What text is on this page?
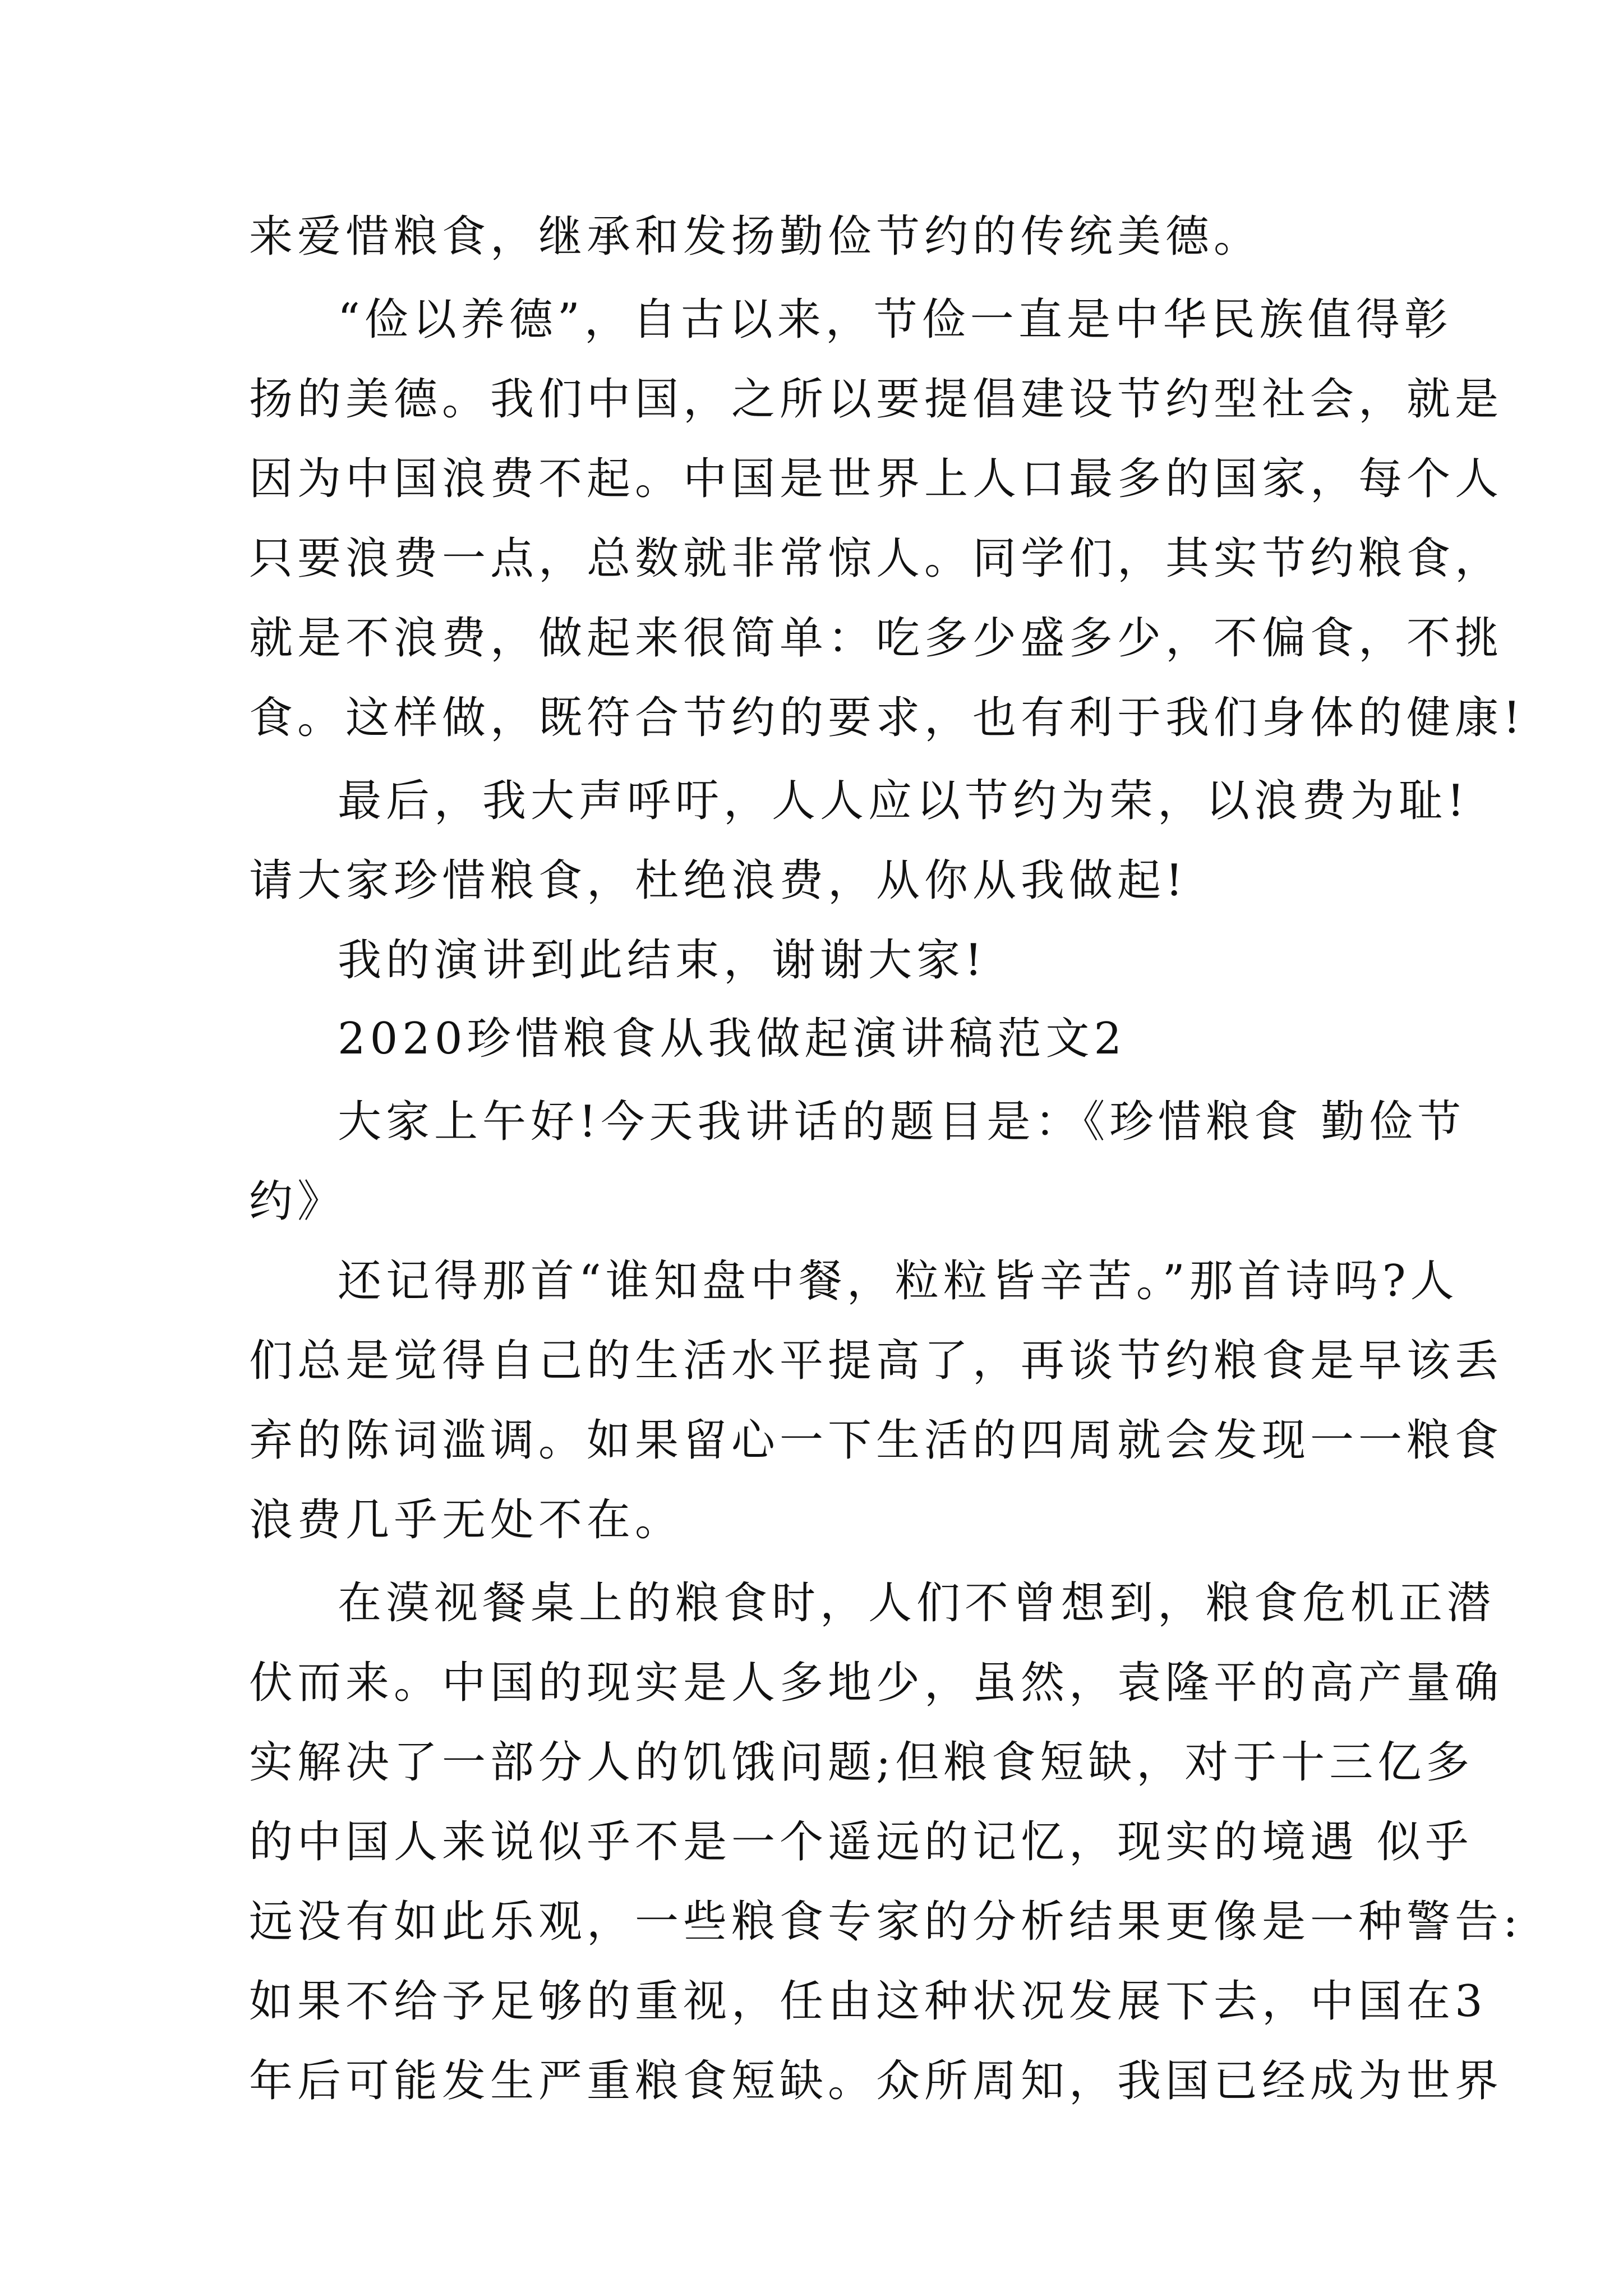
来爱惜粮食，继承和发扬勤俭节约的传统美德。
“俭以养德”，自古以来，节俭一直是中华民族值得彰
扬的美德。我们中国，之所以要提倡建设节约型社会，就是
因为中国浪费不起。中国是世界上人口最多的国家，每个人
只要浪费一点，总数就非常惊人。同学们，其实节约粮食，
就是不浪费，做起来很简单：吃多少盛多少，不偏食，不挑
食。这样做，既符合节约的要求，也有利于我们身体的健康!
最后，我大声呼吁，人人应以节约为荣，以浪费为耻!
请大家珍惜粮食，杜绝浪费，从你从我做起!
我的演讲到此结束，谢谢大家!
2020珍惜粮食从我做起演讲稿范文2
大家上午好!今天我讲话的题目是：《珍惜粮食 勤俭节
约》
还记得那首“谁知盘中餐，粒粒皆辛苦。”那首诗吗?人
们总是觉得自己的生活水平提高了，再谈节约粮食是早该丢
弃的陈词滥调。如果留心一下生活的四周就会发现一一粮食
浪费几乎无处不在。
在漠视餐桌上的粮食时，人们不曾想到，粮食危机正潜
伏而来。中国的现实是人多地少，虽然，袁隆平的高产量确
实解决了一部分人的饥饿问题;但粮食短缺，对于十三亿多
的中国人来说似乎不是一个遥远的记忆，现实的境遇 似乎
远没有如此乐观，一些粮食专家的分析结果更像是一种警告:
如果不给予足够的重视，任由这种状况发展下去，中国在3
年后可能发生严重粮食短缺。众所周知，我国已经成为世界
